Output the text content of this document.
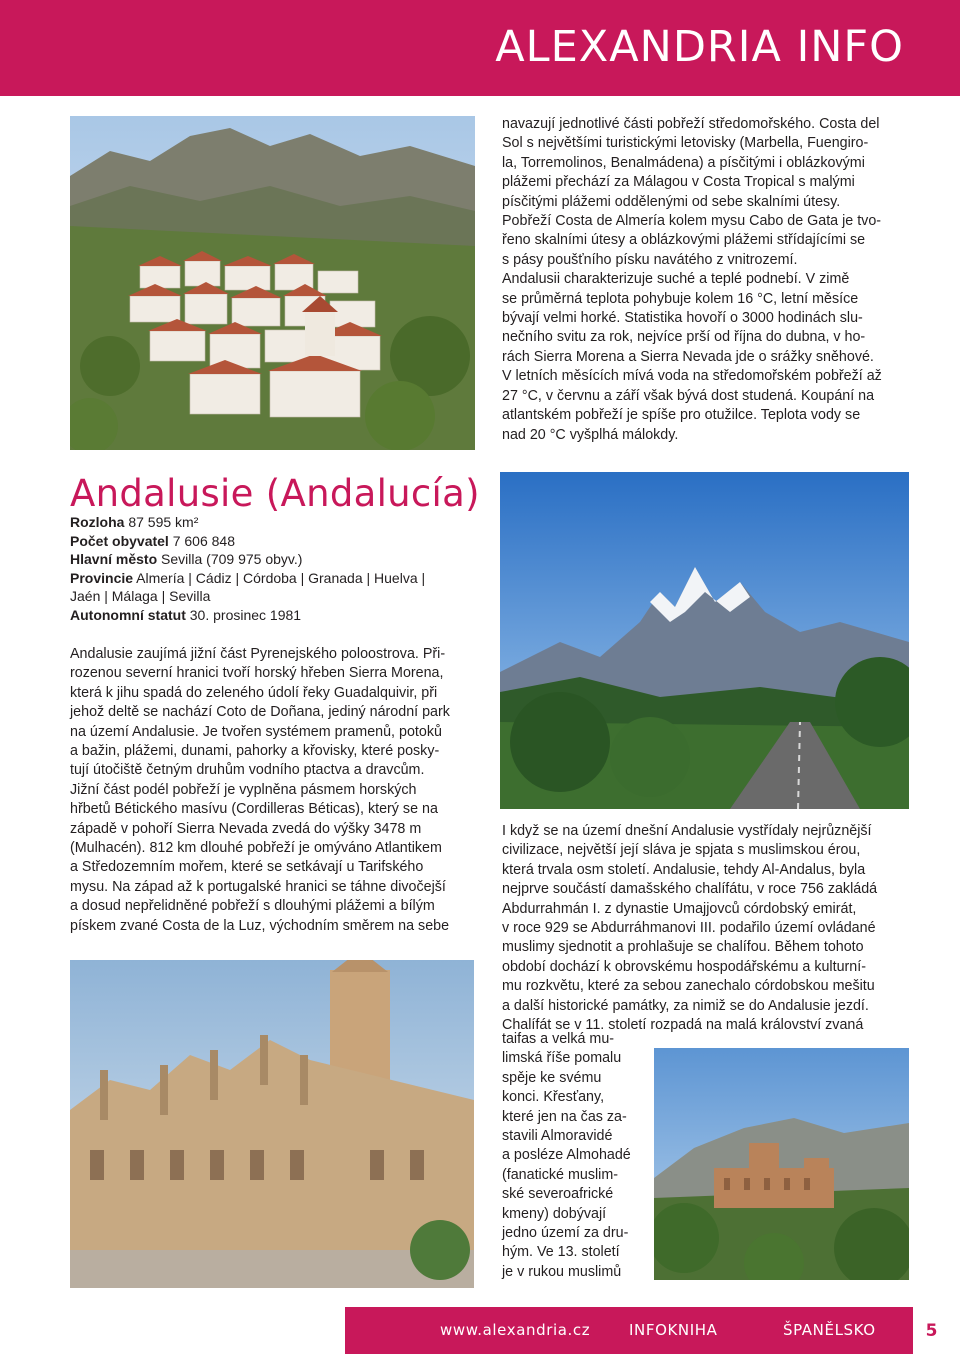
ALEXANDRIA INFO
navazují jednotlivé části pobřeží středomořského. Costa del
Sol s největšími turistickými letovisky (Marbella, Fuengiro-
la, Torremolinos, Benalmádena) a písčitými i oblázkovými
plážemi přechází za Málagou v Costa Tropical s malými
písčitými plážemi oddělenými od sebe skalními útesy.
Pobřeží Costa de Almería kolem mysu Cabo de Gata je tvo-
řeno skalními útesy a oblázkovými plážemi střídajícími se
s pásy poušťního písku navátého z vnitrozemí.
Andalusii charakterizuje suché a teplé podnebí. V zimě
se průměrná teplota pohybuje kolem 16 °C, letní měsíce
bývají velmi horké. Statistika hovoří o 3000 hodinách slu-
nečního svitu za rok, nejvíce prší od října do dubna, v ho-
rách Sierra Morena a Sierra Nevada jde o srážky sněhové.
V letních měsících mívá voda na středomořském pobřeží až
27 °C, v červnu a září však bývá dost studená. Koupání na
atlantském pobřeží je spíše pro otužilce. Teplota vody se
nad 20 °C vyšplhá málokdy.
Andalusie (Andalucía)
Rozloha 87 595 km²
Počet obyvatel 7 606 848
Hlavní město Sevilla (709 975 obyv.)
Provincie Almería | Cádiz | Córdoba | Granada | Huelva |
Jaén | Málaga | Sevilla
Autonomní statut 30. prosinec 1981
Andalusie zaujímá jižní část Pyrenejského poloostrova. Při-
rozenou severní hranici tvoří horský hřeben Sierra Morena,
která k jihu spadá do zeleného údolí řeky Guadalquivir, při
jehož deltě se nachází Coto de Doñana, jediný národní park
na území Andalusie. Je tvořen systémem pramenů, potoků
a bažin, plážemi, dunami, pahorky a křovisky, které posky-
tují útočiště četným druhům vodního ptactva a dravcům.
Jižní část podél pobřeží je vyplněna pásmem horských
hřbetů Bétického masívu (Cordilleras Béticas), který se na
západě v pohoří Sierra Nevada zvedá do výšky 3478 m
(Mulhacén). 812 km dlouhé pobřeží je omýváno Atlantikem
a Středozemním mořem, které se setkávají u Tarifského
mysu. Na západ až k portugalské hranici se táhne divočejší
a dosud nepřelidněné pobřeží s dlouhými plážemi a bílým
pískem zvané Costa de la Luz, východním směrem na sebe
I když se na území dnešní Andalusie vystřídaly nejrůznější
civilizace, největší její sláva je spjata s muslimskou érou,
která trvala osm století. Andalusie, tehdy Al-Andalus, byla
nejprve součástí damašského chalífátu, v roce 756 zakládá
Abdurrahmán I. z dynastie Umajjovců córdobský emirát,
v roce 929 se Abdurráhmanovi III. podařilo území ovládané
muslimy sjednotit a prohlašuje se chalífou. Během tohoto
období dochází k obrovskému hospodářskému a kulturní-
mu rozkvětu, které za sebou zanechalo córdobskou mešitu
a další historické památky, za nimiž se do Andalusie jezdí.
Chalífát se v 11. století rozpadá na malá království zvaná
taifas a velká mu-
limská říše pomalu
spěje ke svému
konci. Křesťany,
které jen na čas za-
stavili Almoravidé
a posléze Almohadé
(fanatické muslim-
ské severoafrické
kmeny) dobývají
jedno území za dru-
hým. Ve 13. století
je v rukou muslimů
www.alexandria.cz	INFOKNIHA	ŠPANĚLSKO	5
